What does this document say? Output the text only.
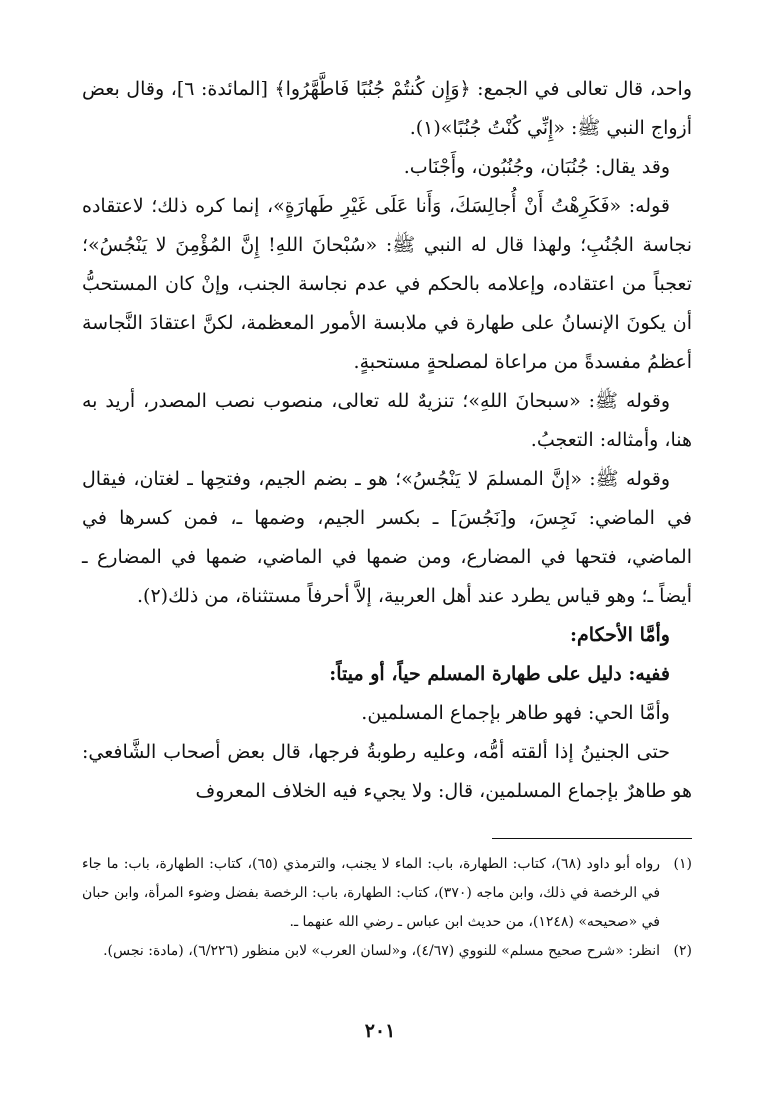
واحد، قال تعالى في الجمع: ﴿وَإِن كُنتُمْ جُنُبًا فَاطَّهَّرُوا﴾ [المائدة: ٦]، وقال بعض أزواج النبي ﷺ: «إِنِّي كُنْتُ جُنُبًا»(١).

وقد يقال: جُنُبَان، وجُنُبُون، وأَجْنَاب.

قوله: «فَكَرِهْتُ أَنْ أُجالِسَكَ، وَأَنا عَلَى غَيْرِ طَهارَةٍ»، إنما كره ذلك؛ لاعتقاده نجاسة الجُنُبِ؛ ولهذا قال له النبي ﷺ: «سُبْحانَ اللهِ! إِنَّ المُؤْمِنَ لا يَنْجُسُ»؛ تعجباً من اعتقاده، وإعلامه بالحكم في عدم نجاسة الجنب، وإنْ كان المستحبُّ أن يكونَ الإنسانُ على طهارة في ملابسة الأمور المعظمة، لكنَّ اعتقادَ النَّجاسة أعظمُ مفسدةً من مراعاة لمصلحةٍ مستحبةٍ.

وقوله ﷺ: «سبحانَ اللهِ»؛ تنزيهٌ لله تعالى، منصوب نصب المصدر، أريد به هنا، وأمثاله: التعجبُ.

وقوله ﷺ: «إنَّ المسلمَ لا يَنْجُسُ»؛ هو ـ بضم الجيم، وفتحِها ـ لغتان، فيقال في الماضي: نَجِسَ، و[نَجُسَ] ـ بكسر الجيم، وضمها ـ، فمن كسرها في الماضي، فتحها في المضارع، ومن ضمها في الماضي، ضمها في المضارع ـ أيضاً ـ؛ وهو قياس يطرد عند أهل العربية، إلاَّ أحرفاً مستثناة، من ذلك(٢).

وأمَّا الأحكام:

ففيه: دليل على طهارة المسلم حياً، أو ميتاً:

وأمَّا الحي: فهو طاهر بإجماع المسلمين.

حتى الجنينُ إذا ألقته أمُّه، وعليه رطوبةُ فرجها، قال بعض أصحاب الشَّافعي: هو طاهرٌ بإجماع المسلمين، قال: ولا يجيء فيه الخلاف المعروف

(١)
رواه أبو داود (٦٨)، كتاب: الطهارة، باب: الماء لا يجنب، والترمذي (٦٥)، كتاب: الطهارة، باب: ما جاء في الرخصة في ذلك، وابن ماجه (٣٧٠)، كتاب: الطهارة، باب: الرخصة بفضل وضوء المرأة، وابن حبان في «صحيحه» (١٢٤٨)، من حديث ابن عباس ـ رضي الله عنهما ـ.
(٢)
انظر: «شرح صحيح مسلم» للنووي (٤/٦٧)، و«لسان العرب» لابن منظور (٦/٢٢٦)، (مادة: نجس).
٢٠١
